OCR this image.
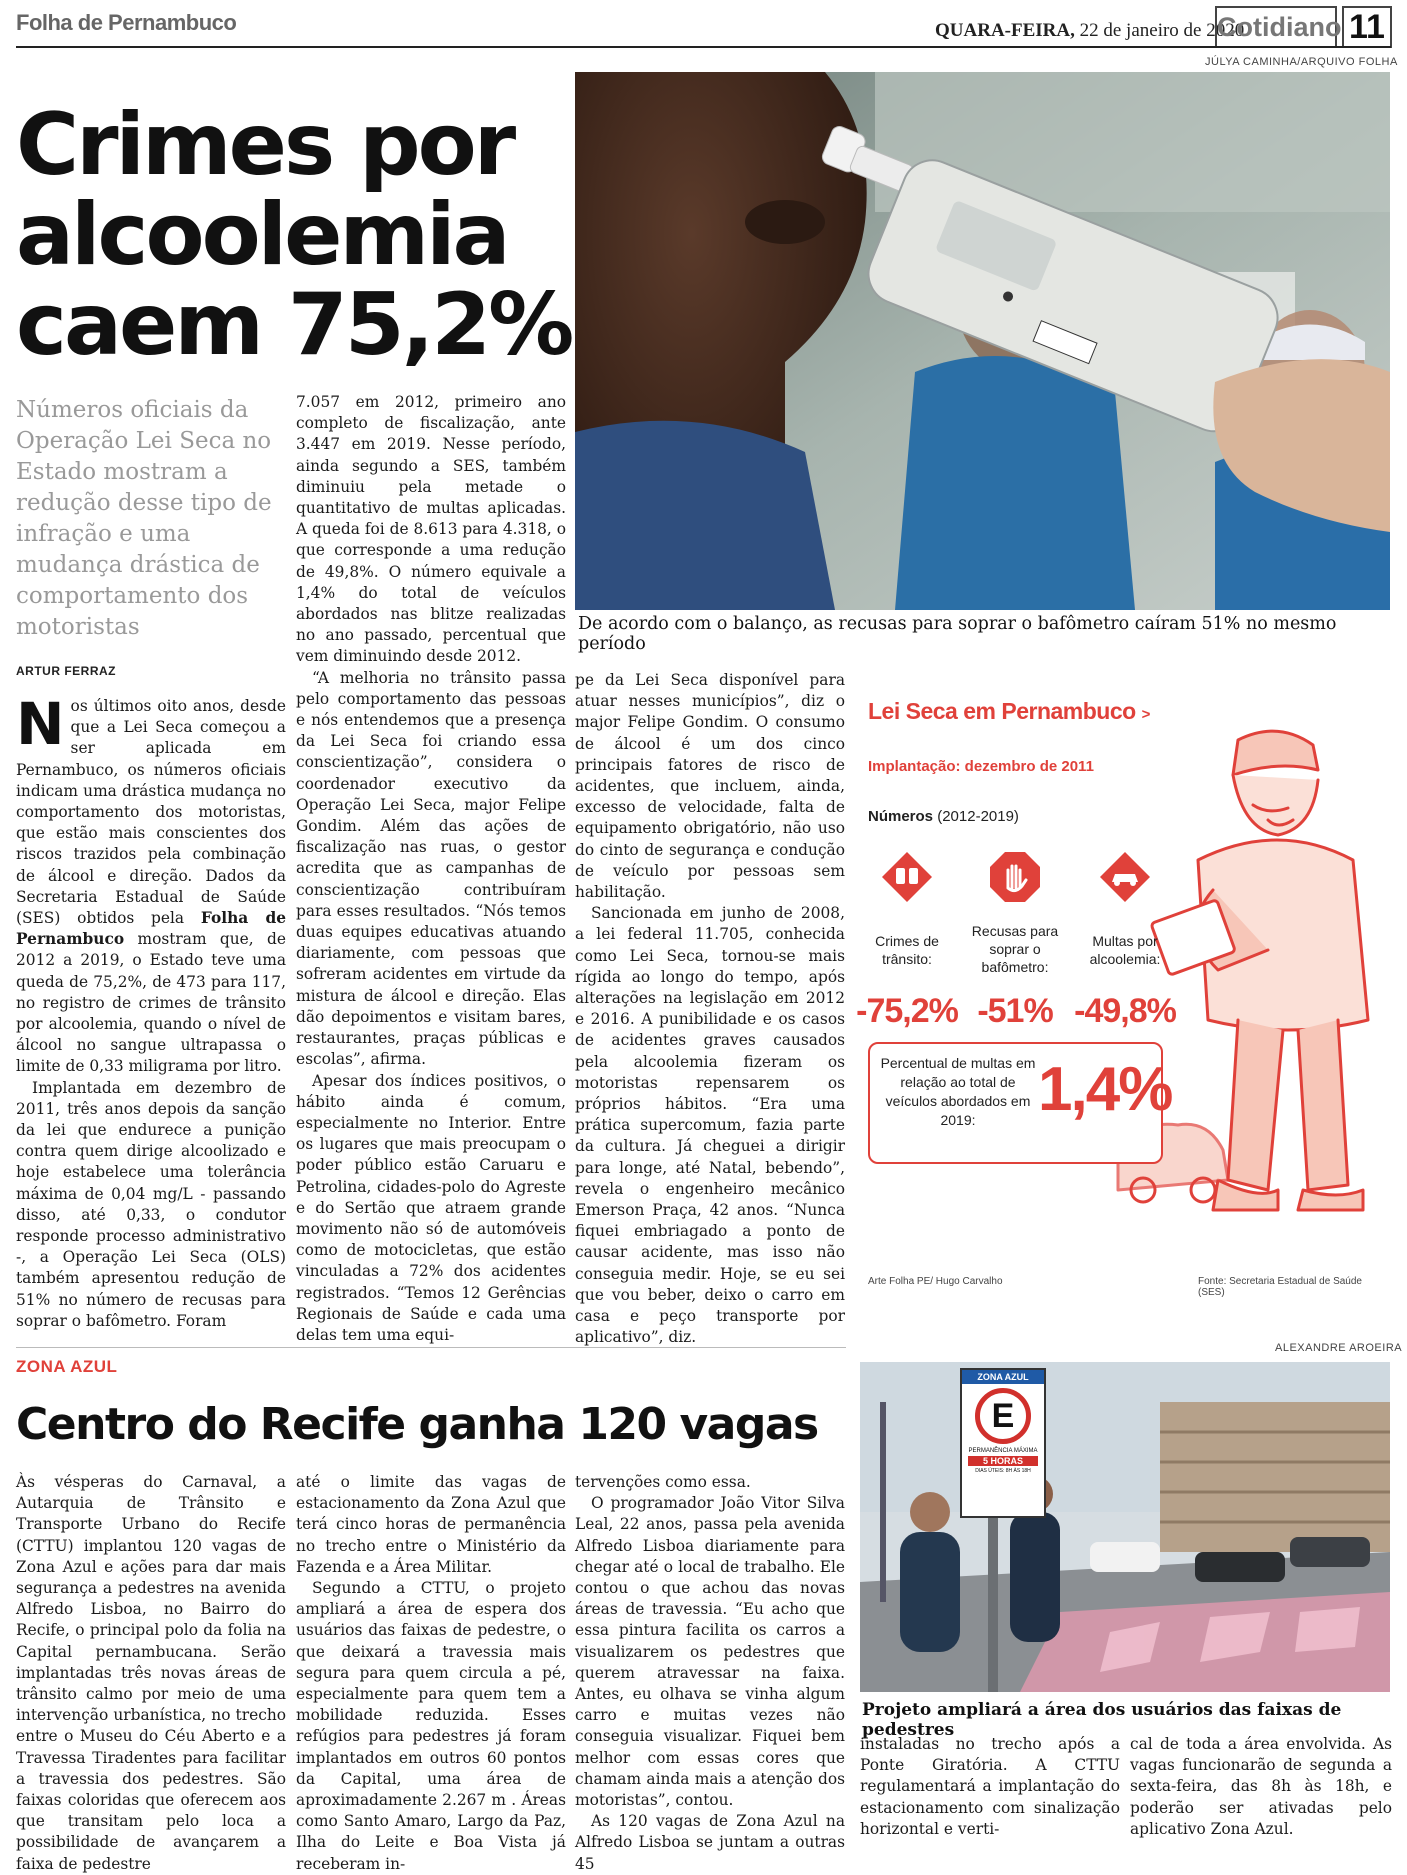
Folha de Pernambuco	QUARA-FEIRA, 22 de janeiro de 2020
Cotidiano 11
Crimes por
alcoolemia
caem 75,2%
Números oficiais da Operação Lei Seca no Estado mostram a redução desse tipo de infração e uma mudança drástica de comportamento dos motoristas
ARTUR FERRAZ

Nos últimos oito anos, desde que a Lei Seca começou a ser aplicada em Pernambuco, os números oficiais indicam uma drástica mudança no comportamento dos motoristas, que estão mais conscientes dos riscos trazidos pela combinação de álcool e direção. Dados da Secretaria Estadual de Saúde (SES) obtidos pela Folha de Pernambuco mostram que, de 2012 a 2019, o Estado teve uma queda de 75,2%, de 473 para 117, no registro de crimes de trânsito por alcoolemia, quando o nível de álcool no sangue ultrapassa o limite de 0,33 miligrama por litro.

Implantada em dezembro de 2011, três anos depois da sanção da lei que endurece a punição contra quem dirige alcoolizado e hoje estabelece uma tolerância máxima de 0,04 mg/L - passando disso, até 0,33, o condutor responde processo administrativo -, a Operação Lei Seca (OLS) também apresentou redução de 51% no número de recusas para soprar o bafômetro. Foram

7.057 em 2012, primeiro ano completo de fiscalização, ante 3.447 em 2019. Nesse período, ainda segundo a SES, também diminuiu pela metade o quantitativo de multas aplicadas. A queda foi de 8.613 para 4.318, o que corresponde a uma redução de 49,8%. O número equivale a 1,4% do total de veículos abordados nas blitze realizadas no ano passado, percentual que vem diminuindo desde 2012.

“A melhoria no trânsito passa pelo comportamento das pessoas e nós entendemos que a presença da Lei Seca foi criando essa conscientização”, considera o coordenador executivo da Operação Lei Seca, major Felipe Gondim. Além das ações de fiscalização nas ruas, o gestor acredita que as campanhas de conscientização contribuíram para esses resultados. “Nós temos duas equipes educativas atuando diariamente, com pessoas que sofreram acidentes em virtude da mistura de álcool e direção. Elas dão depoimentos e visitam bares, restaurantes, praças públicas e escolas”, afirma.

Apesar dos índices positivos, o hábito ainda é comum, especialmente no Interior. Entre os lugares que mais preocupam o poder público estão Caruaru e Petrolina, cidades-polo do Agreste e do Sertão que atraem grande movimento não só de automóveis como de motocicletas, que estão vinculadas a 72% dos acidentes registrados. “Temos 12 Gerências Regionais de Saúde e cada uma delas tem uma equi-

pe da Lei Seca disponível para atuar nesses municípios”, diz o major Felipe Gondim. O consumo de álcool é um dos cinco principais fatores de risco de acidentes, que incluem, ainda, excesso de velocidade, falta de equipamento obrigatório, não uso do cinto de segurança e condução de veículo por pessoas sem habilitação.

Sancionada em junho de 2008, a lei federal 11.705, conhecida como Lei Seca, tornou-se mais rígida ao longo do tempo, após alterações na legislação em 2012 e 2016. A punibilidade e os casos de acidentes graves causados pela alcoolemia fizeram os motoristas repensarem os próprios hábitos. “Era uma prática supercomum, fazia parte da cultura. Já cheguei a dirigir para longe, até Natal, bebendo”, revela o engenheiro mecânico Emerson Praça, 42 anos. “Nunca fiquei embriagado a ponto de causar acidente, mas isso não conseguia medir. Hoje, se eu sei que vou beber, deixo o carro em casa e peço transporte por aplicativo”, diz.

JÚLYA CAMINHA/ARQUIVO FOLHA
De acordo com o balanço, as recusas para soprar o bafômetro caíram 51% no mesmo período
Lei Seca em Pernambuco >
Implantação: dezembro de 2011
Números (2012-2019)
Crimes de trânsito:
Recusas para soprar o bafômetro:
Multas por alcoolemia:
-75,2% -51% -49,8%
Percentual de multas em relação ao total de veículos abordados em 2019:	1,4%
Arte Folha PE/ Hugo Carvalho	Fonte: Secretaria Estadual de Saúde (SES)
ZONA AZUL
Centro do Recife ganha 120 vagas

Às vésperas do Carnaval, a Autarquia de Trânsito e Transporte Urbano do Recife (CTTU) implantou 120 vagas de Zona Azul e ações para dar mais segurança a pedestres na avenida Alfredo Lisboa, no Bairro do Recife, o principal polo da folia na Capital pernambucana. Serão implantadas três novas áreas de trânsito calmo por meio de uma intervenção urbanística, no trecho entre o Museu do Céu Aberto e a Travessa Tiradentes para facilitar a travessia dos pedestres. São faixas coloridas que oferecem aos que transitam pelo loca a possibilidade de avançarem a faixa de pedestre

até o limite das vagas de estacionamento da Zona Azul que terá cinco horas de permanência no trecho entre o Ministério da Fazenda e a Área Militar.

Segundo a CTTU, o projeto ampliará a área de espera dos usuários das faixas de pedestre, o que deixará a travessia mais segura para quem circula a pé, especialmente para quem tem a mobilidade reduzida. Esses refúgios para pedestres já foram implantados em outros 60 pontos da Capital, uma área de aproximadamente 2.267 m . Áreas como Santo Amaro, Largo da Paz, Ilha do Leite e Boa Vista já receberam in-

tervenções como essa.

O programador João Vitor Silva Leal, 22 anos, passa pela avenida Alfredo Lisboa diariamente para chegar até o local de trabalho. Ele contou o que achou das novas áreas de travessia. “Eu acho que essa pintura facilita os carros a visualizarem os pedestres que querem atravessar na faixa. Antes, eu olhava se vinha algum carro e muitas vezes não conseguia visualizar. Fiquei bem melhor com essas cores que chamam ainda mais a atenção dos motoristas”, contou.

As 120 vagas de Zona Azul na Alfredo Lisboa se juntam a outras 45

instaladas no trecho após a Ponte Giratória. A CTTU regulamentará a implantação do estacionamento com sinalização horizontal e verti-

cal de toda a área envolvida. As vagas funcionarão de segunda a sexta-feira, das 8h às 18h, e poderão ser ativadas pelo aplicativo Zona Azul.

ALEXANDRE AROEIRA
ZONA AZUL
E
PERMANÊNCIA MÁXIMA
5 HORAS
DIAS ÚTEIS: 8H ÀS 18H
Projeto ampliará a área dos usuários das faixas de pedestres
